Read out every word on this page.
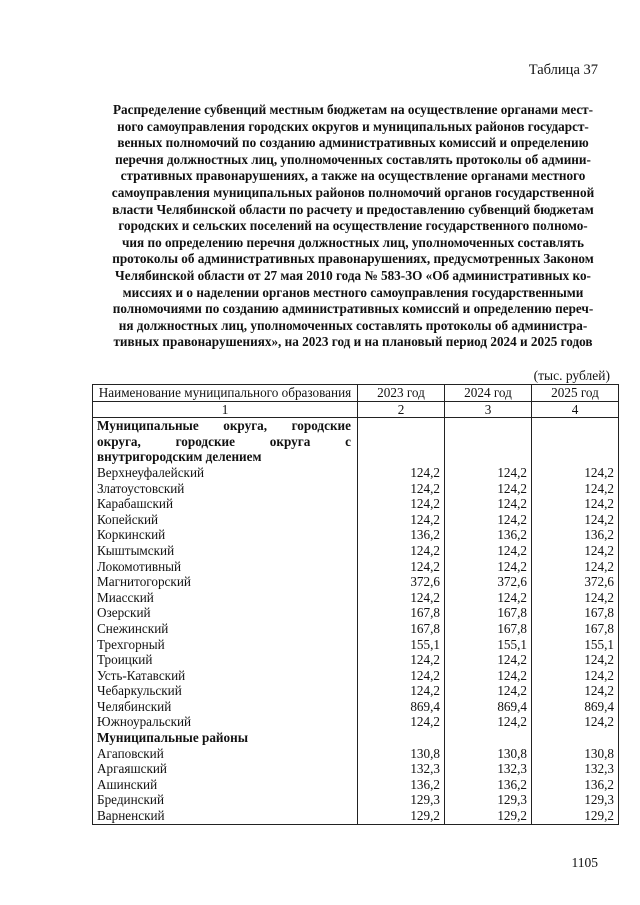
Таблица 37

Распределение субвенций местным бюджетам на осуществление органами мест-
ного самоуправления городских округов и муниципальных районов государст-
венных полномочий по созданию административных комиссий и определению
перечня должностных лиц, уполномоченных составлять протоколы об админи-
стративных правонарушениях, а также на осуществление органами местного
самоуправления муниципальных районов полномочий органов государственной
власти Челябинской области по расчету и предоставлению субвенций бюджетам
городских и сельских поселений на осуществление государственного полномо-
чия по определению перечня должностных лиц, уполномоченных составлять
протоколы об административных правонарушениях, предусмотренных Законом
Челябинской области от 27 мая 2010 года № 583-ЗО «Об административных ко-
миссиях и о наделении органов местного самоуправления государственными
полномочиями по созданию административных комиссий и определению переч-
ня должностных лиц, уполномоченных составлять протоколы об администра-
тивных правонарушениях», на 2023 год и на плановый период 2024 и 2025 годов

(тыс. рублей)
Наименование муниципального образования	2023 год	2024 год	2025 год
1	2	3	4
Муниципальные округа, городские округа, городские округа с внутригородским делением			
Верхнеуфалейский	124,2	124,2	124,2
Златоустовский	124,2	124,2	124,2
Карабашский	124,2	124,2	124,2
Копейский	124,2	124,2	124,2
Коркинский	136,2	136,2	136,2
Кыштымский	124,2	124,2	124,2
Локомотивный	124,2	124,2	124,2
Магнитогорский	372,6	372,6	372,6
Миасский	124,2	124,2	124,2
Озерский	167,8	167,8	167,8
Снежинский	167,8	167,8	167,8
Трехгорный	155,1	155,1	155,1
Троицкий	124,2	124,2	124,2
Усть-Катавский	124,2	124,2	124,2
Чебаркульский	124,2	124,2	124,2
Челябинский	869,4	869,4	869,4
Южноуральский	124,2	124,2	124,2
Муниципальные районы			
Агаповский	130,8	130,8	130,8
Аргаяшский	132,3	132,3	132,3
Ашинский	136,2	136,2	136,2
Брединский	129,3	129,3	129,3
Варненский	129,2	129,2	129,2
1105
